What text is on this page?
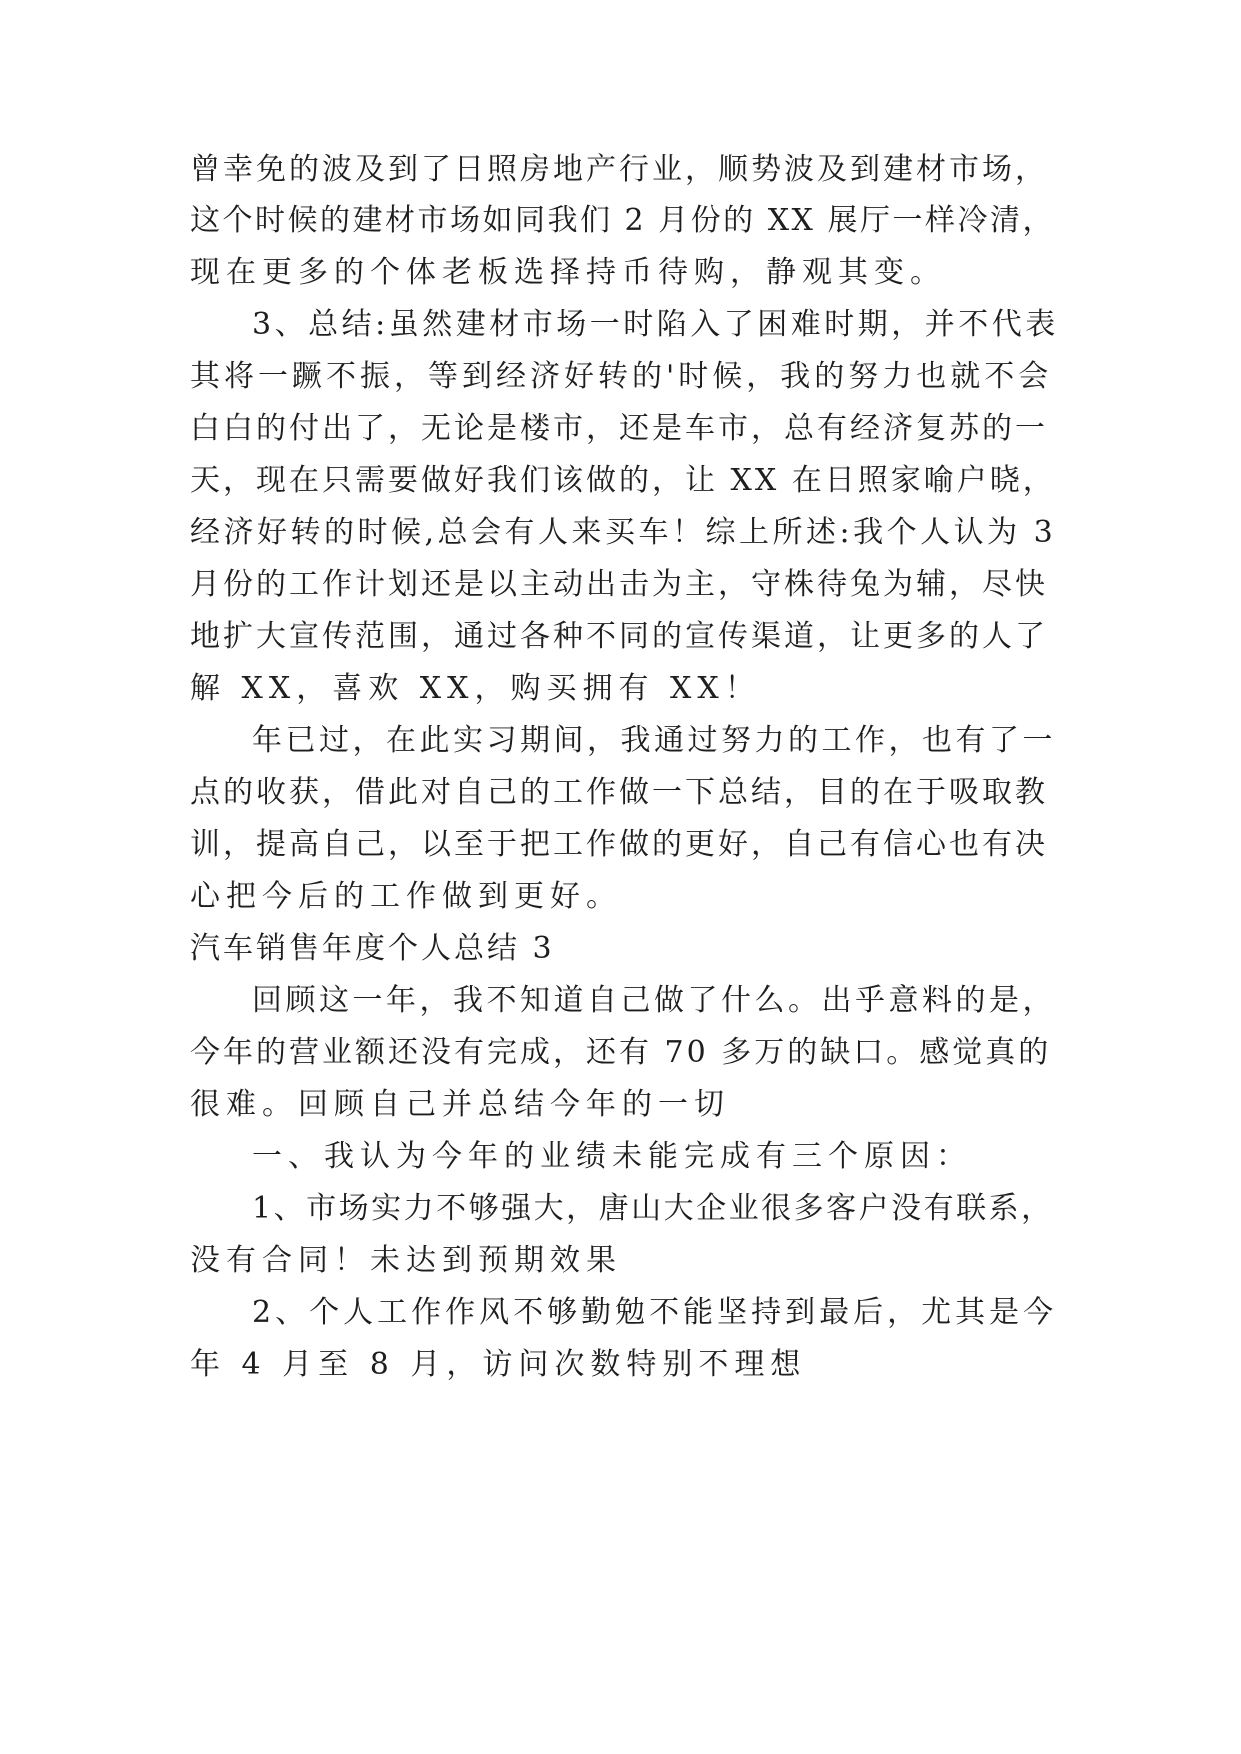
曾幸免的波及到了日照房地产行业，顺势波及到建材市场，
这个时候的建材市场如同我们 2 月份的 XX 展厅一样冷清，
现在更多的个体老板选择持币待购，静观其变。
3、总结:虽然建材市场一时陷入了困难时期，并不代表
其将一蹶不振，等到经济好转的'时候，我的努力也就不会
白白的付出了，无论是楼市，还是车市，总有经济复苏的一
天，现在只需要做好我们该做的，让 XX 在日照家喻户晓，
经济好转的时候,总会有人来买车！综上所述:我个人认为 3
月份的工作计划还是以主动出击为主，守株待兔为辅，尽快
地扩大宣传范围，通过各种不同的宣传渠道，让更多的人了
解 XX，喜欢 XX，购买拥有 XX！
年已过，在此实习期间，我通过努力的工作，也有了一
点的收获，借此对自己的工作做一下总结，目的在于吸取教
训，提高自己，以至于把工作做的更好，自己有信心也有决
心把今后的工作做到更好。
汽车销售年度个人总结 3
回顾这一年，我不知道自己做了什么。出乎意料的是，
今年的营业额还没有完成，还有 70 多万的缺口。感觉真的
很难。回顾自己并总结今年的一切
一、我认为今年的业绩未能完成有三个原因：
1、市场实力不够强大，唐山大企业很多客户没有联系，
没有合同！未达到预期效果
2、个人工作作风不够勤勉不能坚持到最后，尤其是今
年 4 月至 8 月，访问次数特别不理想
